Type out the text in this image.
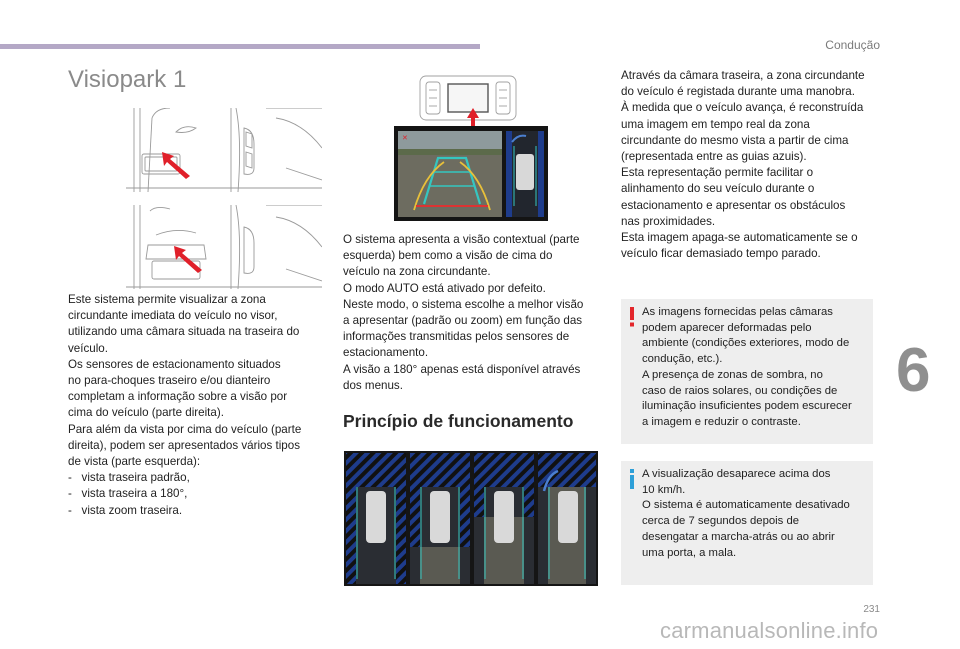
Condução
Visiopark 1
✕

Este sistema permite visualizar a zona

circundante imediata do veículo no visor,

utilizando uma câmara situada na traseira do

veículo.

Os sensores de estacionamento situados

no para-choques traseiro e/ou dianteiro

completam a informação sobre a visão por

cima do veículo (parte direita).

Para além da vista por cima do veículo (parte

direita), podem ser apresentados vários tipos

de vista (parte esquerda):

-   vista traseira padrão,

-   vista traseira a 180°,

-   vista zoom traseira.

O sistema apresenta a visão contextual (parte

esquerda) bem como a visão de cima do

veículo na zona circundante.

O modo AUTO está ativado por defeito.

Neste modo, o sistema escolhe a melhor visão

a apresentar (padrão ou zoom) em função das

informações transmitidas pelos sensores de

estacionamento.

A visão a 180° apenas está disponível através

dos menus.

Princípio de funcionamento

Através da câmara traseira, a zona circundante

do veículo é registada durante uma manobra.

À medida que o veículo avança, é reconstruída

uma imagem em tempo real da zona

circundante do mesmo vista a partir de cima

(representada entre as guias azuis).

Esta representação permite facilitar o

alinhamento do seu veículo durante o

estacionamento e apresentar os obstáculos

nas proximidades.

Esta imagem apaga-se automaticamente se o

veículo ficar demasiado tempo parado.

As imagens fornecidas pelas câmaras

podem aparecer deformadas pelo

ambiente (condições exteriores, modo de

condução, etc.).

A presença de zonas de sombra, no

caso de raios solares, ou condições de

iluminação insuficientes podem escurecer

a imagem e reduzir o contraste.

A visualização desaparece acima dos

10 km/h.

O sistema é automaticamente desativado

cerca de 7 segundos depois de

desengatar a marcha-atrás ou ao abrir

uma porta, a mala.

6
231
carmanualsonline.info
